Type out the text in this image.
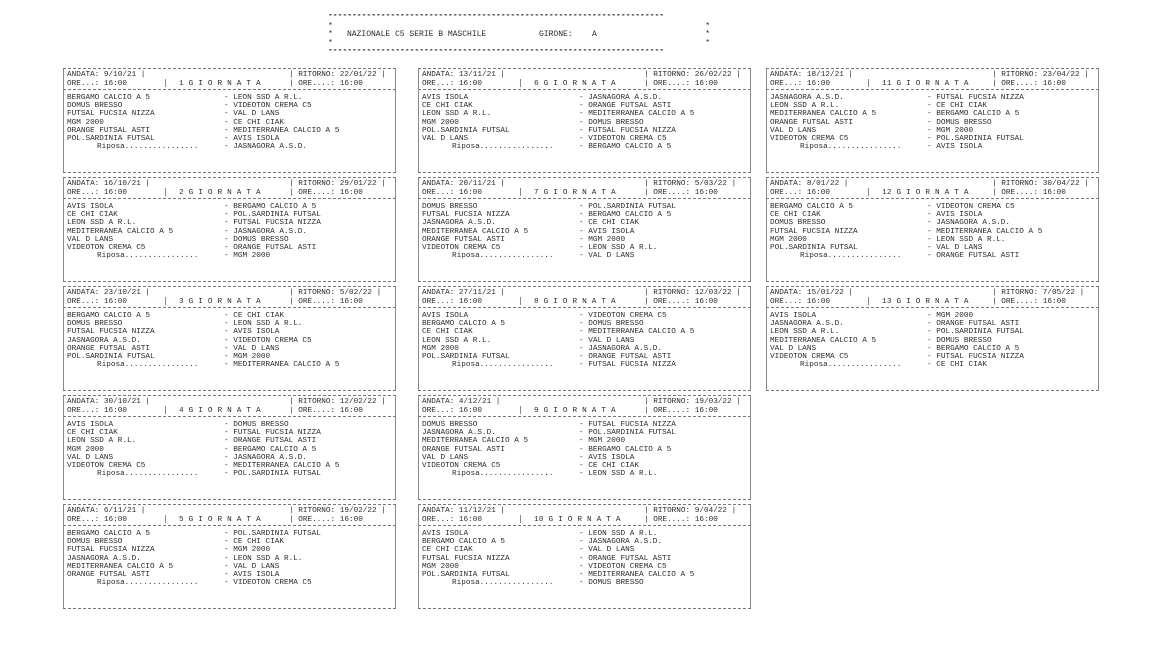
**********************************************************************
*	*
* NAZIONALE C5 SERIE B MASCHILE	GIRONE: A	*
*	*
**********************************************************************
ANDATA: 9/10/21 |	| RITORNO: 22/01/22 |
ORE...: 16:00	1 G I O R N A T A	| ORE....: 16:00
BERGAMO CALCIO A 5	- LEON SSD A R.L.
DOMUS BRESSO	- VIDEOTON CREMA C5
FUTSAL FUCSIA NIZZA	- VAL D LANS
MGM 2000	- CE CHI CIAK
ORANGE FUTSAL ASTI	- MEDITERRANEA CALCIO A 5
POL.SARDINIA FUTSAL	- AVIS ISOLA
Riposa................	- JASNAGORA A.S.D.
ANDATA: 16/10/21 |	| RITORNO: 29/01/22 |
ORE...: 16:00	2 G I O R N A T A	| ORE....: 16:00
AVIS ISOLA	- BERGAMO CALCIO A 5
CE CHI CIAK	- POL.SARDINIA FUTSAL
LEON SSD A R.L.	- FUTSAL FUCSIA NIZZA
MEDITERRANEA CALCIO A 5	- JASNAGORA A.S.D.
VAL D LANS	- DOMUS BRESSO
VIDEOTON CREMA C5	- ORANGE FUTSAL ASTI
Riposa................	- MGM 2000
ANDATA: 23/10/21 |	| RITORNO: 5/02/22 |
ORE...: 16:00	3 G I O R N A T A	| ORE....: 16:00
BERGAMO CALCIO A 5	- CE CHI CIAK
DOMUS BRESSO	- LEON SSD A R.L.
FUTSAL FUCSIA NIZZA	- AVIS ISOLA
JASNAGORA A.S.D.	- VIDEOTON CREMA C5
ORANGE FUTSAL ASTI	- VAL D LANS
POL.SARDINIA FUTSAL	- MGM 2000
Riposa................	- MEDITERRANEA CALCIO A 5
ANDATA: 30/10/21 |	| RITORNO: 12/02/22 |
ORE...: 16:00	4 G I O R N A T A	| ORE....: 16:00
AVIS ISOLA	- DOMUS BRESSO
CE CHI CIAK	- FUTSAL FUCSIA NIZZA
LEON SSD A R.L.	- ORANGE FUTSAL ASTI
MGM 2000	- BERGAMO CALCIO A 5
VAL D LANS	- JASNAGORA A.S.D.
VIDEOTON CREMA C5	- MEDITERRANEA CALCIO A 5
Riposa................	- POL.SARDINIA FUTSAL
ANDATA: 6/11/21 |	| RITORNO: 19/02/22 |
ORE...: 16:00	5 G I O R N A T A	| ORE....: 16:00
BERGAMO CALCIO A 5	- POL.SARDINIA FUTSAL
DOMUS BRESSO	- CE CHI CIAK
FUTSAL FUCSIA NIZZA	- MGM 2000
JASNAGORA A.S.D.	- LEON SSD A R.L.
MEDITERRANEA CALCIO A 5	- VAL D LANS
ORANGE FUTSAL ASTI	- AVIS ISOLA
Riposa................	- VIDEOTON CREMA C5
ANDATA: 13/11/21 |	| RITORNO: 26/02/22 |
ORE...: 16:00	6 G I O R N A T A	| ORE....: 16:00
AVIS ISOLA	- JASNAGORA A.S.D.
CE CHI CIAK	- ORANGE FUTSAL ASTI
LEON SSD A R.L.	- MEDITERRANEA CALCIO A 5
MGM 2000	- DOMUS BRESSO
POL.SARDINIA FUTSAL	- FUTSAL FUCSIA NIZZA
VAL D LANS	- VIDEOTON CREMA C5
Riposa................	- BERGAMO CALCIO A 5
ANDATA: 20/11/21 |	| RITORNO: 5/03/22 |
ORE...: 16:00	7 G I O R N A T A	| ORE....: 16:00
DOMUS BRESSO	- POL.SARDINIA FUTSAL
FUTSAL FUCSIA NIZZA	- BERGAMO CALCIO A 5
JASNAGORA A.S.D.	- CE CHI CIAK
MEDITERRANEA CALCIO A 5	- AVIS ISOLA
ORANGE FUTSAL ASTI	- MGM 2000
VIDEOTON CREMA C5	- LEON SSD A R.L.
Riposa................	- VAL D LANS
ANDATA: 27/11/21 |	| RITORNO: 12/03/22 |
ORE...: 16:00	8 G I O R N A T A	| ORE....: 16:00
AVIS ISOLA	- VIDEOTON CREMA C5
BERGAMO CALCIO A 5	- DOMUS BRESSO
CE CHI CIAK	- MEDITERRANEA CALCIO A 5
LEON SSD A R.L.	- VAL D LANS
MGM 2000	- JASNAGORA A.S.D.
POL.SARDINIA FUTSAL	- ORANGE FUTSAL ASTI
Riposa................	- FUTSAL FUCSIA NIZZA
ANDATA: 4/12/21 |	| RITORNO: 19/03/22 |
ORE...: 16:00	9 G I O R N A T A	| ORE....: 16:00
DOMUS BRESSO	- FUTSAL FUCSIA NIZZA
JASNAGORA A.S.D.	- POL.SARDINIA FUTSAL
MEDITERRANEA CALCIO A 5	- MGM 2000
ORANGE FUTSAL ASTI	- BERGAMO CALCIO A 5
VAL D LANS	- AVIS ISOLA
VIDEOTON CREMA C5	- CE CHI CIAK
Riposa................	- LEON SSD A R.L.
ANDATA: 11/12/21 |	| RITORNO: 9/04/22 |
ORE...: 16:00	10 G I O R N A T A	| ORE....: 16:00
AVIS ISOLA	- LEON SSD A R.L.
BERGAMO CALCIO A 5	- JASNAGORA A.S.D.
CE CHI CIAK	- VAL D LANS
FUTSAL FUCSIA NIZZA	- ORANGE FUTSAL ASTI
MGM 2000	- VIDEOTON CREMA C5
POL.SARDINIA FUTSAL	- MEDITERRANEA CALCIO A 5
Riposa................	- DOMUS BRESSO
ANDATA: 18/12/21 |	| RITORNO: 23/04/22 |
ORE...: 16:00	11 G I O R N A T A	| ORE....: 16:00
JASNAGORA A.S.D.	- FUTSAL FUCSIA NIZZA
LEON SSD A R.L.	- CE CHI CIAK
MEDITERRANEA CALCIO A 5	- BERGAMO CALCIO A 5
ORANGE FUTSAL ASTI	- DOMUS BRESSO
VAL D LANS	- MGM 2000
VIDEOTON CREMA C5	- POL.SARDINIA FUTSAL
Riposa................	- AVIS ISOLA
ANDATA: 8/01/22 |	| RITORNO: 30/04/22 |
ORE...: 16:00	12 G I O R N A T A	| ORE....: 16:00
BERGAMO CALCIO A 5	- VIDEOTON CREMA C5
CE CHI CIAK	- AVIS ISOLA
DOMUS BRESSO	- JASNAGORA A.S.D.
FUTSAL FUCSIA NIZZA	- MEDITERRANEA CALCIO A 5
MGM 2000	- LEON SSD A R.L.
POL.SARDINIA FUTSAL	- VAL D LANS
Riposa................	- ORANGE FUTSAL ASTI
ANDATA: 15/01/22 |	| RITORNO: 7/05/22 |
ORE...: 16:00	13 G I O R N A T A	| ORE....: 16:00
AVIS ISOLA	- MGM 2000
JASNAGORA A.S.D.	- ORANGE FUTSAL ASTI
LEON SSD A R.L.	- POL.SARDINIA FUTSAL
MEDITERRANEA CALCIO A 5	- DOMUS BRESSO
VAL D LANS	- BERGAMO CALCIO A 5
VIDEOTON CREMA C5	- FUTSAL FUCSIA NIZZA
Riposa................	- CE CHI CIAK
